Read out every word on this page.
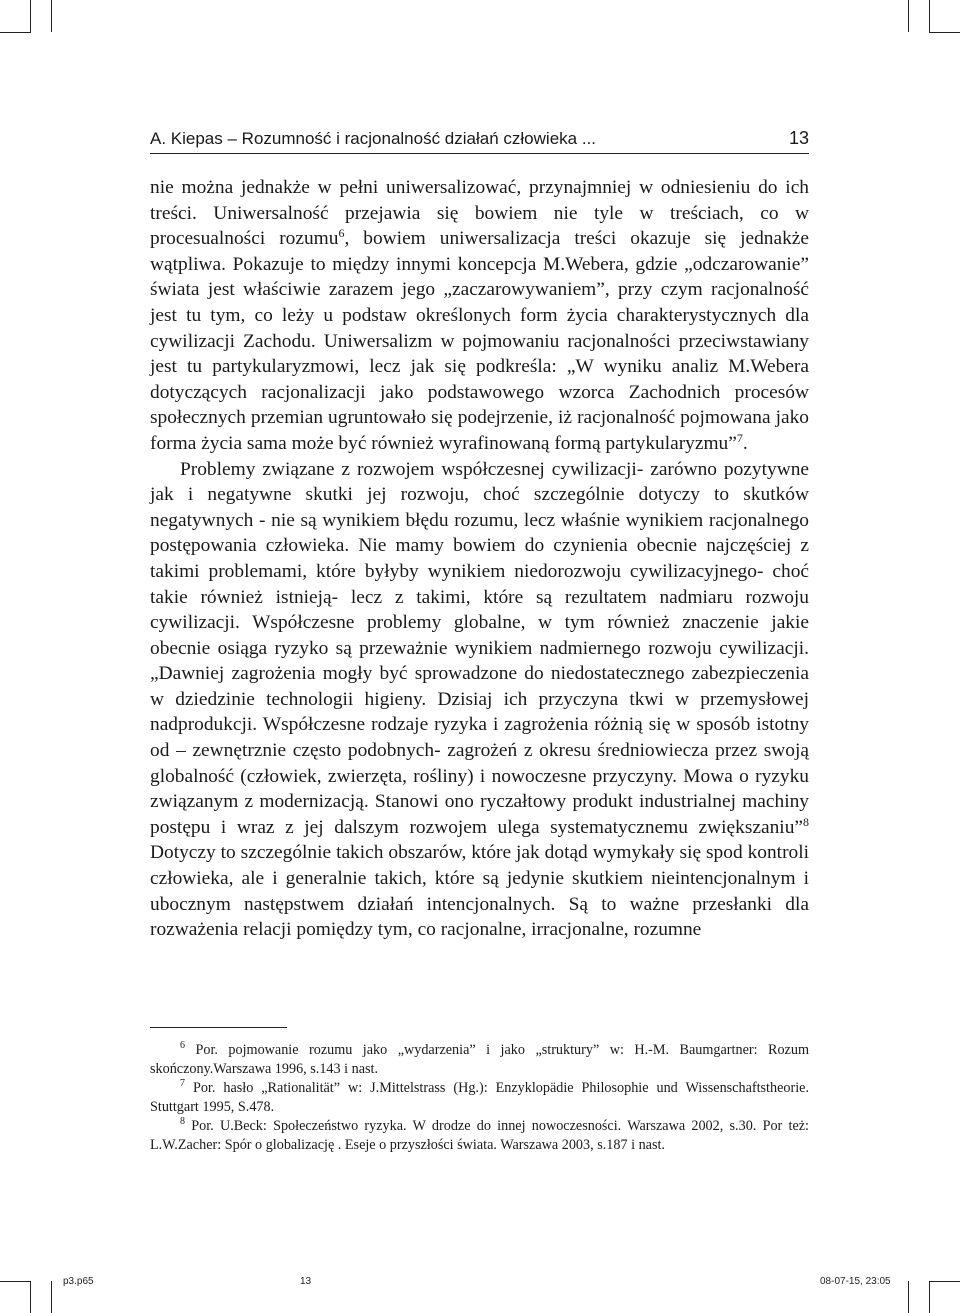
A. Kiepas – Rozumność i racjonalność działań człowieka ...	13

nie można jednakże w pełni uniwersalizować, przynajmniej w odniesieniu do ich treści. Uniwersalność przejawia się bowiem nie tyle w treściach, co w procesualności rozumu$^6$, bowiem uniwersalizacja treści okazuje się jednakże wątpliwa. Pokazuje to między innymi koncepcja M.Webera, gdzie „odczarowanie” świata jest właściwie zarazem jego „zaczarowywaniem”, przy czym racjonalność jest tu tym, co leży u podstaw określonych form życia charakterystycznych dla cywilizacji Zachodu. Uniwersalizm w pojmowaniu racjonalności przeciwstawiany jest tu partykularyzmowi, lecz jak się podkreśla: „W wyniku analiz M.Webera dotyczących racjonalizacji jako podstawowego wzorca Zachodnich procesów społecznych przemian ugruntowało się podejrzenie, iż racjonalność pojmowana jako forma życia sama może być również wyrafinowaną formą partykularyzmu”$^7$.

Problemy związane z rozwojem współczesnej cywilizacji- zarówno pozytywne jak i negatywne skutki jej rozwoju, choć szczególnie dotyczy to skutków negatywnych - nie są wynikiem błędu rozumu, lecz właśnie wynikiem racjonalnego postępowania człowieka. Nie mamy bowiem do czynienia obecnie najczęściej z takimi problemami, które byłyby wynikiem niedorozwoju cywilizacyjnego- choć takie również istnieją- lecz z takimi, które są rezultatem nadmiaru rozwoju cywilizacji. Współczesne problemy globalne, w tym również znaczenie jakie obecnie osiąga ryzyko są przeważnie wynikiem nadmiernego rozwoju cywilizacji. „Dawniej zagrożenia mogły być sprowadzone do niedostatecznego zabezpieczenia w dziedzinie technologii higieny. Dzisiaj ich przyczyna tkwi w przemysłowej nadprodukcji. Współczesne rodzaje ryzyka i zagrożenia różnią się w sposób istotny od – zewnętrznie często podobnych- zagrożeń z okresu średniowiecza przez swoją globalność (człowiek, zwierzęta, rośliny) i nowoczesne przyczyny. Mowa o ryzyku związanym z modernizacją. Stanowi ono ryczałtowy produkt industrialnej machiny postępu i wraz z jej dalszym rozwojem ulega systematycznemu zwiększaniu”$^8$ Dotyczy to szczególnie takich obszarów, które jak dotąd wymykały się spod kontroli człowieka, ale i generalnie takich, które są jedynie skutkiem nieintencjonalnym i ubocznym następstwem działań intencjonalnych. Są to ważne przesłanki dla rozważenia relacji pomiędzy tym, co racjonalne, irracjonalne, rozumne

$^6$ Por. pojmowanie rozumu jako „wydarzenia” i jako „struktury” w: H.-M. Baumgartner: Rozum skończony.Warszawa 1996, s.143 i nast.

$^7$ Por. hasło „Rationalität” w: J.Mittelstrass (Hg.): Enzyklopädie Philosophie und Wissenschaftstheorie. Stuttgart 1995, S.478.

$^8$ Por. U.Beck: Społeczeństwo ryzyka. W drodze do innej nowoczesności. Warszawa 2002, s.30. Por też: L.W.Zacher: Spór o globalizację . Eseje o przyszłości świata. Warszawa 2003, s.187 i nast.

p3.p65	13	08-07-15, 23:05
